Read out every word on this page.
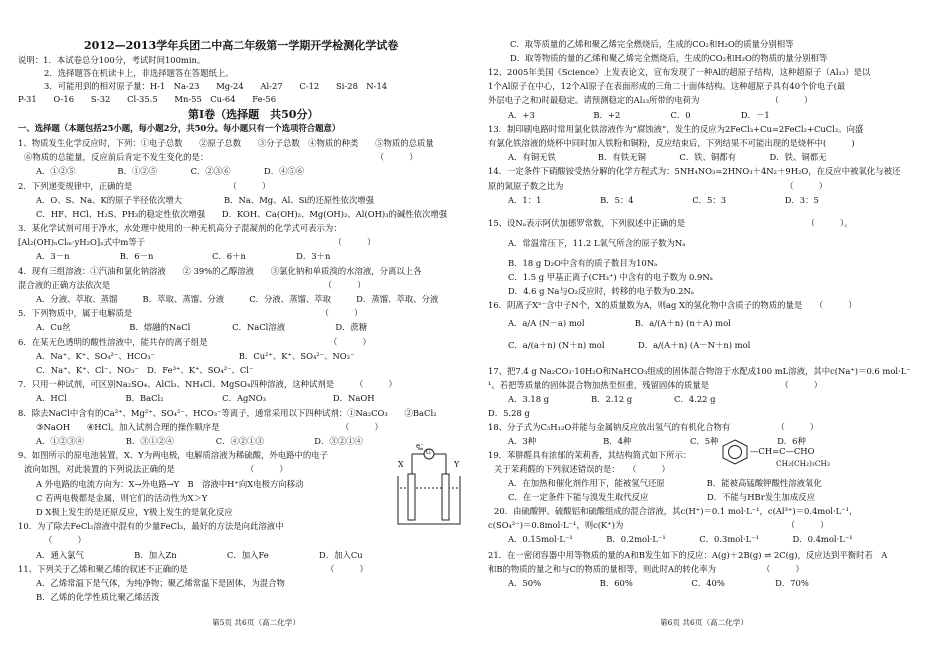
2012—2013学年兵团二中高二年级第一学期开学检测化学试卷
说明：1．本试卷总分100分，考试时间100min。
2．选择题答在机读卡上，非选择题答在答题纸上。
3．可能用到的相对原子量：H-1　Na-23　　Mg-24　　Al-27　　C-12　　Si-28　N-14
P-31　　O-16　　S-32　　Cl-35.5　　Mn-55　Cu-64　　Fe-56
第Ⅰ卷（选择题　共50分）
一、选择题（本题包括25小题，每小题2分，共50分。每小题只有一个选项符合题意）
1、物质发生化学反应时，下列：①电子总数　　②原子总数　　③分子总数　④物质的种类　　⑤物质的总质量
⑥物质的总能量，反应前后肯定不发生变化的是：　　　　　　　　　　　　　　　　　　　　　（　　　）
A．①②⑤　　　　　B．①②⑤　　　　C．②③⑥　　　　D．④⑤⑥
2．下列递变规律中，正确的是　　　　　　　　　　　　（　　　）
A．O、S、Na、K的原子半径依次增大　　　　　B．Na、Mg、Al、Si的还原性依次增强
C．HF、HCl、H₂S、PH₃的稳定性依次增强　　D．KOH、Ca(OH)₂、Mg(OH)₂、Al(OH)₃的碱性依次增强
3．某化学试剂可用于净水，水处理中使用的一种无机高分子混凝剂的化学式可表示为：
[Al₂(OH)ₙClₘ·yH₂O]ₓ式中m等于　　　　　　　　　　　　　　　　　　　　　　　（　　　）
A．3－n　　　　　　B．6－n　　　　　　　C．6＋n　　　　　　D．3＋n
4．现有三组溶液：①汽油和氯化钠溶液　　② 39%的乙醇溶液　　③氯化钠和单质溴的水溶液，分离以上各
混合液的正确方法依次是　　　　　　　　　　　　　　　　　　　　　　　　　　（　　　）
A．分液、萃取、蒸馏　　　B．萃取、蒸馏、分液　　　C．分液、蒸馏、萃取　　　D．蒸馏、萃取、分液
5．下列物质中，属于电解质是　　　　　　　　　　　　　　　　　　　　　　　（　　　）
A．Cu丝　　　　　　　B．熔融的NaCl　　　　　C．NaCl溶液　　　　　　D．蔗糖
6．在某无色透明的酸性溶液中，能共存的离子组是　　　　　　　　　　　　　　　（　　　）
A．Na⁺、K⁺、SO₄²⁻、HCO₃⁻　　　　　　　　　　B．Cu²⁺、K⁺、SO₄²⁻、NO₃⁻
C．Na⁺、K⁺、Cl⁻、NO₃⁻　D．Fe³⁺、K⁺、SO₄²⁻、Cl⁻
7．只用一种试剂，可区别Na₂SO₄、AlCl₃、NH₄Cl、MgSO₄四种溶液，这种试剂是　　　（　　　）
A．HCl　　　　　　　B．BaCl₂　　　　　　　C．AgNO₃　　　　　　　　D．NaOH
8．除去NaCl中含有的Ca²⁺、Mg²⁺、SO₄²⁻、HCO₃⁻等离子，通常采用以下四种试剂：①Na₂CO₃　　②BaCl₂
③NaOH　　④HCl。加入试剂合理的操作顺序是　　　　　　　　　　　　　　　（　　　）
A．①②③④　　　　　B．③①②④　　　　　C．④②①③　　　　　　D．③②①④
9、如图所示的原电池装置，X、Y为两电极，电解质溶液为稀硫酸，外电路中的电子
流向如图，对此装置的下列说法正确的是　　　　　　　　　（　　　）
A 外电路的电流方向为：X→外电路→Y　B　溶液中H⁺向X电极方向移动
C 若两电极都是金属，则它们的活动性为X＞Y
D X极上发生的是还原反应，Y极上发生的是氧化反应
10．为了除去FeCl₂溶液中混有的少量FeCl₃，最好的方法是向此溶液中
（　　　）
A．通入氯气　　　　　　B．加入Zn　　　　　　C．加入Fe　　　　　　D．加入Cu
11、下列关于乙烯和聚乙烯的叙述不正确的是　　　　　　　　　　　　　　　　　（　　　）
A．乙烯常温下是气体，为纯净物；聚乙烯常温下是固体，为混合物
B．乙烯的化学性质比聚乙烯活泼
第5页 共6页（高二化学）
e⁻
X	Y
G
C．取等质量的乙烯和聚乙烯完全燃烧后，生成的CO₂和H₂O的质量分别相等
D．取等物质的量的乙烯和聚乙烯完全燃烧后，生成的CO₂和H₂O的物质的量分别相等
12、2005年美国《Science》上发表论文，宣布发现了一种Al的超原子结构，这种超原子（Al₁₃）是以
1个Al原子在中心，12个Al原子在表面形成的三角二十面体结构。这种超原子具有40个价电子(最
外层电子之和)时最稳定。请预测稳定的Al₁₃所带的电荷为　　　　　　　　　（　　　）
A．+3　　　　　　　B．+2　　　　　　C．0　　　　　　D．－1
13．制印刷电路时常用氯化铁溶液作为“腐蚀液”，发生的反应为2FeCl₃+Cu=2FeCl₂+CuCl₂。向盛
有氯化铁溶液的烧杯中同时加入铁粉和铜粉，反应结束后，下列结果不可能出现的是烧杯中(　　　)
A．有铜无铁　　　　　B．有铁无铜　　　　C．铁、铜都有　　　　D．铁、铜都无
14．一定条件下硝酸铵受热分解的化学方程式为：5NH₄NO₃=2HNO₃＋4N₂＋9H₂O，在反应中被氧化与被还
原的氮原子数之比为　　　　　　　　　　　　　　　　　　　　　　　　　　　（　　　）
A．1：1　　　　　　　B．5：4　　　　　　　C．5：3　　　　　　　D．3：5
15、设Nₐ表示阿伏加德罗常数，下列叙述中正确的是　　　　　　　　　　　　　　　（　　　）。
A．常温常压下，11.2 L氧气所含的原子数为Nₐ
B．18 g D₂O中含有的质子数目为10Nₐ
C．1.5 g 甲基正离子(CH₃⁺) 中含有的电子数为 0.9Nₐ
D．4.6 g Na与O₂反应时，转移的电子数为0.2Nₐ
16．阴离子Xⁿ⁻含中子N个，X的质量数为A，则ag X的氢化物中含质子的物质的量是　　（　　　）
A．a/A (N－a) mol　　　　　　B．a/(A＋n) (n＋A) mol
C．a/(a＋n) (N＋n) mol　　　　D．a/(A＋n) (A－N＋n) mol
17、把7.4 g Na₂CO₃·10H₂O和NaHCO₃组成的固体混合物溶于水配成100 mL溶液，其中c(Na⁺)＝0.6 mol·L⁻
¹。若把等质量的固体混合物加热至恒重，残留固体的质量是　　　　　　　　　（　　　）
A．3.18 g　　　　　B．2.12 g　　　　　C．4.22 g
D．5.28 g
18、分子式为C₅H₁₂O并能与金属钠反应放出氢气的有机化合物有　　　　　　（　　　）
A．3种　　　　　　　　B．4种　　　　　　　C．5种　　　　　　　D．6种
19．苯肼醛具有浓郁的茉莉香，其结构简式如下所示：
关于茉莉醛的下列叙述错误的是：　　（　　　）
A．在加热和催化剂作用下，能被氢气还原　　　　　B．能被高锰酸钾酸性溶液氧化
C．在一定条件下能与溴发生取代反应　　　　　　　D．不能与HBr发生加成反应
20．由硫酸钾、硫酸铝和硫酸组成的混合溶液，其c(H⁺)＝0.1 mol·L⁻¹，c(Al³⁺)＝0.4mol·L⁻¹，
c(SO₄²⁻)＝0.8mol·L⁻¹，则c(K⁺)为　　　　　　　　　　　　　　　　　　　　（　　　）
A．0.15mol·L⁻¹　　　　B．0.2mol·L⁻¹　　　　C．0.3mol·L⁻¹　　　　D．0.4mol·L⁻¹
21．在一密闭容器中用等物质的量的A和B发生如下的反应：A(g)＋2B(g) ⇌ 2C(g)，反应达到平衡时若　A
和B的物质的量之和与C的物质的量相等，则此时A的转化率为　　　　　　（　　　）
A．50%　　　　　　　B．60%　　　　　　　C．40%　　　　　　D．70%
第6页 共6页（高二化学）
—CH=C—CHO
CH₂(CH₂)₃CH₃
